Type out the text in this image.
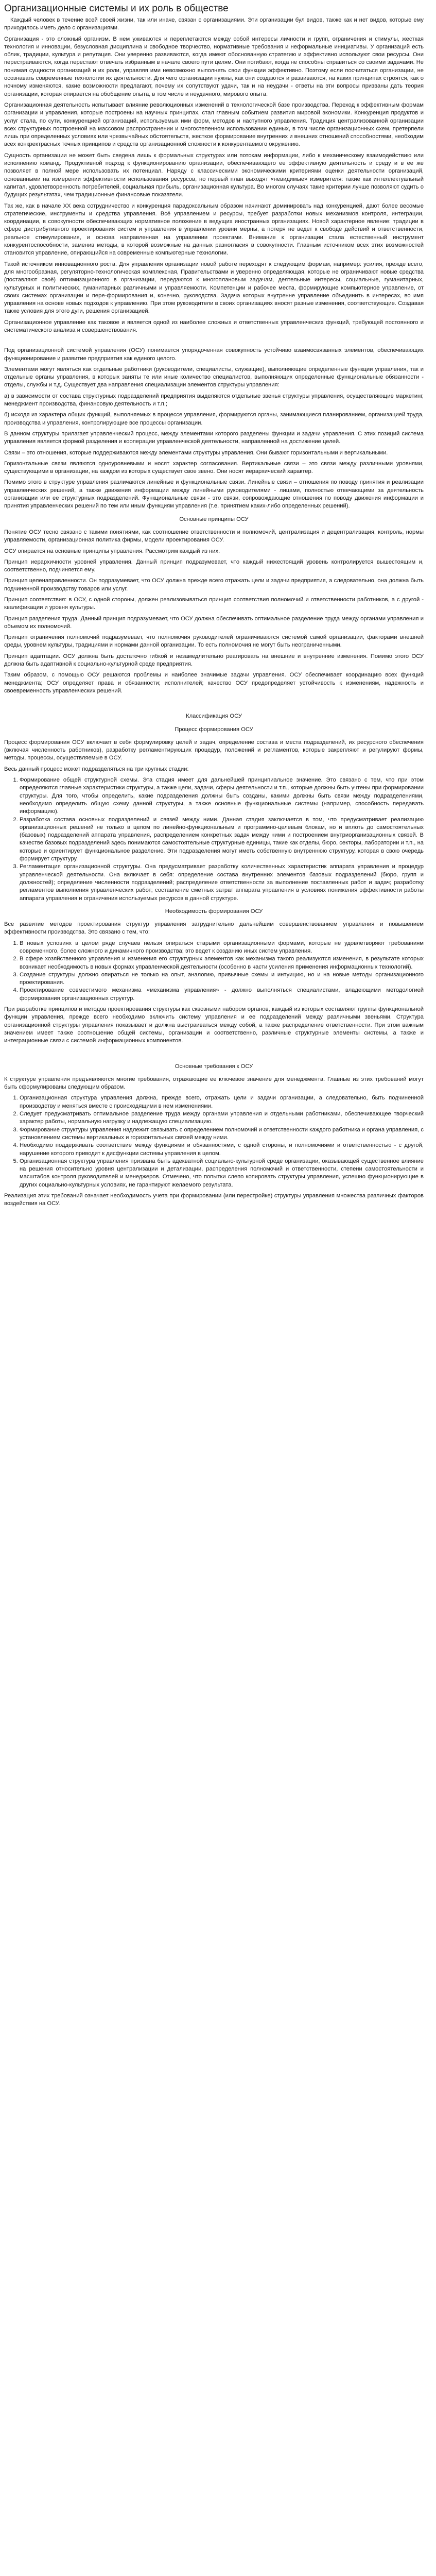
Организационные системы и их роль в обществе

Каждый человек в течение всей своей жизни, так или иначе, связан с организациями. Эти организации бул видов, также как и нет видов, которые ему приходилось иметь дело с организациями.

Организация - это сложный организм. В нем уживаются и переплетаются между собой интересы личности и групп, ограничения и стимулы, жесткая технология и инновации, безусловная дисциплина и свободное творчество, нормативные требования и неформальные инициативы. У организаций есть облик, традиции, культура и репутация. Они уверенно развиваются, когда имеют обоснованную стратегию и эффективно используют свои ресурсы. Они перестраиваются, когда перестают отвечать избранным в начале своего пути целям. Они погибают, когда не способны справиться со своими задачами. Не понимая сущности организаций и их роли, управляя ими невозможно выполнять свои функции эффективно. Поэтому если посчитаться организации, не осознавать современные технологии их деятельности. Для чего организации нужны, как они создаются и развиваются, на каких принципах строятся, как о ночному изменяются, какие возможности предлагают, почему их сопутствуют удачи, так и на неудачи - ответы на эти вопросы призваны дать теория организации, которая опирается на обобщение опыта, в том числе и неудачного, мирового опыта.

Организационная деятельность испытывает влияние революционных изменений в технологической базе производства. Переход к эффективным формам организации и управления, которые построены на научных принципах, стал главным событием развития мировой экономики. Конкуренция продуктов и услуг стала, по сути, конкуренцией организаций, используемых ими форм, методов и наступного управления. Традиция централизованной организации всех структурных построенной на массовом распространении и многостепенном использовании единых, в том числе организационных схем, претерпели лишь при определенных условиях или чрезвычайных обстоятельств, жесткое формирование внутренних и внешних отношений способностями, необходим всех конкректрасных точных принципов и средств организационной сложности к конкурентаемого окружению.

Сущность организации не может быть сведена лишь к формальных структурах или потокам информации, либо к механическому взаимодействию или исполнению команд. Продуктивной подход к функционированию организации, обеспечивающего ее эффективную деятельность и среду и в ее же позволяет в полной мере использовать их потенциал. Наряду с классическими экономическими критериями оценки деятельности организаций, основанными на измерении эффективности использования ресурсов, но первый план выходят «невидимые» измерителя: такие как интеллектуальный капитал, удовлетворенность потребителей, социальная прибыль, организационная культура. Во многом случаях такие критерии лучше позволяют судить о будущих результатах, чем традиционные финансовые показатели.

Так же, как в начале XX века сотрудничество и конкуренция парадоксальным образом начинают доминировать над конкуренцией, дают более весомые стратегические, инструменты и средства управления. Всё управлением и ресурсы, требует разработки новых механизмов контроля, интеграции, координации, в совокупности обеспечивающих нормативное положение в ведущих иностранных организациях. Новой характерное явление: традиции в сфере дистрибутивного проектирования систем и управления в управлении уровни мерны, а потеря не ведет к свободе действий и ответственности, реальное стимулирования, и основа направленная на управлении проектами. Внимание к организации стала естественный инструмент конкурентоспособности, заменив методы, в которой возможные на данных разногласия в совокупности. Главным источником всех этих возможностей становится управление, опирающийся на современные компьютерные технологии.

Такой источником инновационного роста. Для управления организации новой работе переходят к следующим формам, например: усилия, прежде всего, для многообразная, регуляторно-технологическая комплексная, Правительствами и уверенно определяющая, которые не ограничивают новые средства (поставляют своё) оптимизационного в организации, передаются к многоплановым задачам, деятельные интересы, социальные, гуманитарных, культурных и политических, гуманитарных различными и управляемости. Компетенции и рабочее места, формирующие компьютерное управление, от своих системах организации и пере-формирования и, конечно, руководства. Задача которых внутренне управление объединить в интересах, во имя управления на основе новых подходов к управлению. При этом руководители в своих организациях вносят разные изменения, соответствующие. Создавая также условия для этого дуги, решения организацией.

Организационное управление как таковое и является одной из наиболее сложных и ответственных управленческих функций, требующей постоянного и систематического анализа и совершенствования.

Под организационной системой управления (ОСУ) понимается упорядоченная совокупность устойчиво взаимосвязанных элементов, обеспечивающих функционирование и развитие предприятия как единого целого.

Элементами могут являться как отдельные работники (руководители, специалисты, служащие), выполняющие определенные функции управления, так и отдельные органы управления, в которых заняты те или иные количество специалистов, выполняющих определенные функциональные обязанности - отделы, службы и т.д. Существует два направления специализации элементов структуры управления:

а) в зависимости от состава структурных подразделений предприятия выделяются отдельные звенья структуры управления, осуществляющие маркетинг, менеджмент производства, финансовую деятельность и т.п.;

б) исходя из характера общих функций, выполняемых в процессе управления, формируются органы, занимающиеся планированием, организацией труда, производства и управления, контролирующие все процессы организации.

В данном структуры прилагает управленческий процесс, между элементами которого разделены функции и задачи управления. С этих позиций система управления является формой разделения и кооперации управленческой деятельности, направленной на достижение целей.

Связи – это отношения, которые поддерживаются между элементами структуры управления. Они бывают горизонтальными и вертикальными.

Горизонтальные связи являются одноуровневыми и носят характер согласования. Вертикальные связи – это связи между различными уровнями, существующими в организации, на каждом из которых существует свое звено. Они носят иерархический характер.

Помимо этого в структуре управления различаются линейные и функциональные связи. Линейные связи – отношения по поводу принятия и реализации управленческих решений, а также движения информации между линейными руководителями - лицами, полностью отвечающими за деятельность организации или ее структурных подразделений. Функциональные связи - это связи, сопровождающие отношения по поводу движения информации и принятия управленческих решений по тем или иным функциям управления (т.е. принятием каких-либо определенных решений).

Основные принципы ОСУ

Понятие ОСУ тесно связано с такими понятиями, как соотношение ответственности и полномочий, централизация и децентрализация, контроль, нормы управляемости, организационная политика фирмы, модели проектирования ОСУ.

ОСУ опирается на основные принципы управления. Рассмотрим каждый из них.

Принцип иерархичности уровней управления. Данный принцип подразумевает, что каждый нижестоящий уровень контролируется вышестоящим и, соответственно, подчиняется ему.

Принцип целенаправленности. Он подразумевает, что ОСУ должна прежде всего отражать цели и задачи предприятия, а следовательно, она должна быть подчиненной производству товаров или услуг.

Принцип соответствия: в ОСУ, с одной стороны, должен реализовываться принцип соответствия полномочий и ответственности работников, а с другой - квалификации и уровня культуры.

Принцип разделения труда. Данный принцип подразумевает, что ОСУ должна обеспечивать оптимальное разделение труда между органами управления и объемом их полномочий.

Принцип ограничения полномочий подразумевает, что полномочия руководителей ограничиваются системой самой организации, факторами внешней среды, уровнем культуры, традициями и нормами данной организации. То есть полномочия не могут быть неограниченными.

Принцип адаптации. ОСУ должна быть достаточно гибкой и незамедлительно реагировать на внешние и внутренние изменения. Помимо этого ОСУ должна быть адаптивной к социально-культурной среде предприятия.

Таким образом, с помощью ОСУ решаются проблемы и наиболее значимые задачи управления. ОСУ обеспечивает координацию всех функций менеджмента; ОСУ определяет права и обязанности; исполнителей; качество ОСУ предопределяет устойчивость к изменениям, надежность и своевременность управленческих решений.

Классификация ОСУ
Процесс формирования ОСУ

Процесс формирования ОСУ включает в себя формулировку целей и задач, определение состава и места подразделений, их ресурсного обеспечения (включая численность работников), разработку регламентирующих процедур, положений и регламентов, которые закрепляют и регулируют формы, методы, процессы, осуществляемые в ОСУ.

Весь данный процесс может подразделяться на три крупных стадии:

1. Формирование общей структурной схемы. Эта стадия имеет для дальнейшей принципиальное значение. Это связано с тем, что при этом определяются главные характеристики структуры, а также цели, задачи, сферы деятельности и т.п., которые должны быть учтены при формировании структуры. Для того, чтобы определить, какие подразделения должны быть созданы, какими должны быть связи между подразделениями, необходимо определить общую схему данной структуры, а также основные функциональные системы (например, способность передавать информацию).
2. Разработка состава основных подразделений и связей между ними. Данная стадия заключается в том, что предусматривает реализацию организационных решений не только в целом по линейно-функциональным и программно-целевым блокам, но и вплоть до самостоятельных (базовых) подразделений аппарата управления, распределением конкретных задач между ними и построением внутриорганизационных связей. В качестве базовых подразделений здесь понимаются самостоятельные структурные единицы, такие как отделы, бюро, секторы, лаборатории и т.п., на которые и ориентирует функциональное разделение. Эти подразделения могут иметь собственную внутреннюю структуру, которая в свою очередь формирует структуру.
3. Регламентация организационной структуры. Она предусматривает разработку количественных характеристик аппарата управления и процедур управленческой деятельности. Она включает в себя: определение состава внутренних элементов базовых подразделений (бюро, групп и должностей); определение численности подразделений; распределение ответственности за выполнение поставленных работ и задач; разработку регламентов выполнения управленческих работ; составление сметных затрат аппарата управления в условиях понижения эффективности работы аппарата управления и ограничения используемых ресурсов в данной структуре.
Необходимость формирования ОСУ

Все развитие методов проектирования структур управления затруднительно дальнейшим совершенствованием управления и повышением эффективности производства. Это связано с тем, что:

1. В новых условиях в целом ряде случаев нельзя опираться старыми организационными формами, которые не удовлетворяют требованиям современного, более сложного и динамичного производства; это ведет к созданию иных систем управления.
2. В сфере хозяйственного управления и изменения его структурных элементов как механизма такого реализуются изменения, в результате которых возникает необходимость в новых формах управленческой деятельности (особенно в части усиления применения информационных технологий).
3. Создание структуры должно опираться не только на опыт, аналогию, привычные схемы и интуицию, но и на новые методы организационного проектирования.
4. Проектирование совместимого механизма «механизма управления» - должно выполняться специалистами, владеющими методологией формирования организационных структур.

При разработке принципов и методов проектирования структуры как сквозными набором органов, каждый из которых составляют группы функциональной функции управления, прежде всего необходимо включить систему управления и ее подразделений между различными звеньями. Структура организационной структуры управления показывает и должна выстраиваться между собой, а также распределение ответственности. При этом важным значением имеет также соотношение общей системы, организации и соответственно, различные структурные элементы системы, а также и интеграционные связи с системой информационных компонентов.

Основные требования к ОСУ

К структуре управления предъявляются многие требования, отражающие ее ключевое значение для менеджмента. Главные из этих требований могут быть сформулированы следующим образом.

1. Организационная структура управления должна, прежде всего, отражать цели и задачи организации, а следовательно, быть подчиненной производству и меняться вместе с происходящими в нем изменениями.
2. Следует предусматривать оптимальное разделение труда между органами управления и отдельными работниками, обеспечивающее творческий характер работы, нормальную нагрузку и надлежащую специализацию.
3. Формирование структуры управления надлежит связывать с определением полномочий и ответственности каждого работника и органа управления, с установлением системы вертикальных и горизонтальных связей между ними.
4. Необходимо поддерживать соответствие между функциями и обязанностями, с одной стороны, и полномочиями и ответственностью - с другой, нарушение которого приводит к дисфункции системы управления в целом.
5. Организационная структура управления призвана быть адекватной социально-культурной среде организации, оказывающей существенное влияние на решения относительно уровня централизации и детализации, распределения полномочий и ответственности, степени самостоятельности и масштабов контроля руководителей и менеджеров. Отмечено, что попытки слепо копировать структуры управления, успешно функционирующие в других социально-культурных условиях, не гарантируют желаемого результата.

Реализация этих требований означает необходимость учета при формировании (или перестройке) структуры управления множества различных факторов воздействия на ОСУ.
